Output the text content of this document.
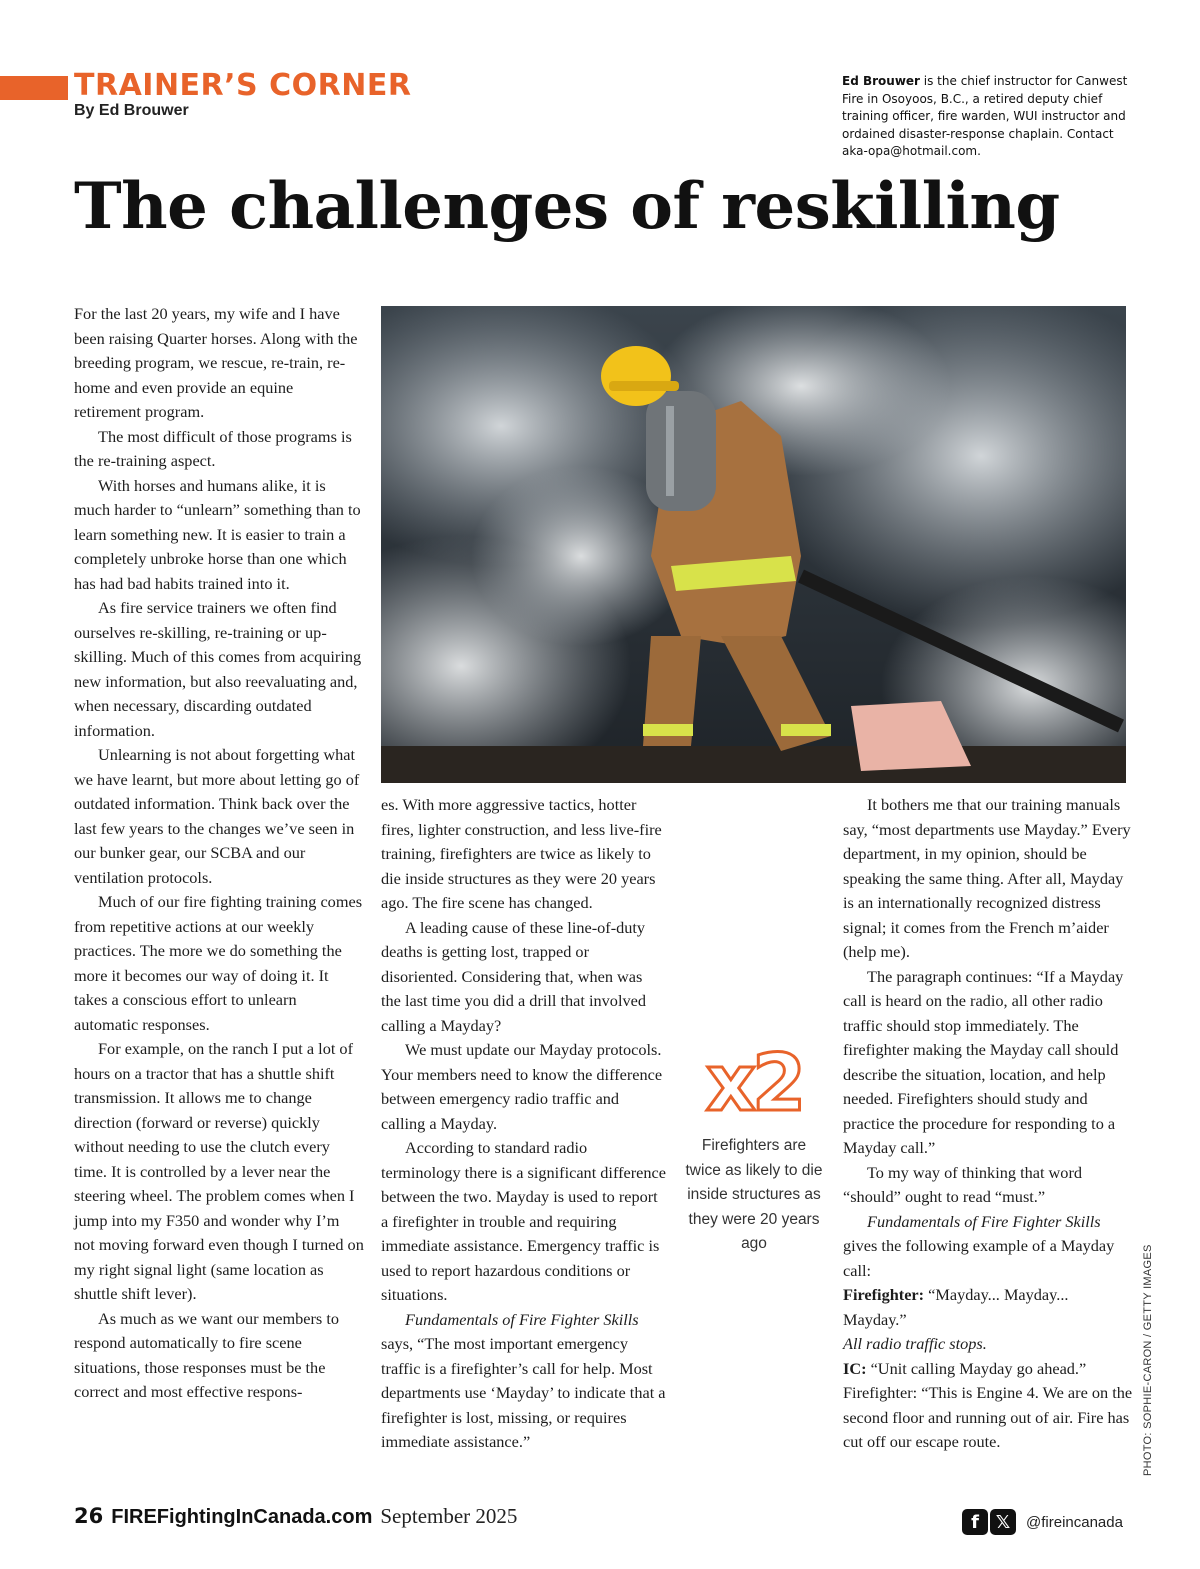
TRAINER’S CORNER
By Ed Brouwer
Ed Brouwer is the chief instructor for Canwest Fire in Osoyoos, B.C., a retired deputy chief training officer, fire warden, WUI instructor and ordained disaster-response chaplain. Contact aka-opa@hotmail.com.
The challenges of reskilling

For the last 20 years, my wife and I have been raising Quarter horses. Along with the breeding program, we rescue, re-train, re-home and even provide an equine retirement program.

The most difficult of those programs is the re-training aspect.

With horses and humans alike, it is much harder to “unlearn” something than to learn something new. It is easier to train a completely unbroke horse than one which has had bad habits trained into it.

As fire service trainers we often find ourselves re-skilling, re-training or up-skilling. Much of this comes from acquiring new information, but also reevaluating and, when necessary, discarding outdated information.

Unlearning is not about forgetting what we have learnt, but more about letting go of outdated information. Think back over the last few years to the changes we’ve seen in our bunker gear, our SCBA and our ventilation protocols.

Much of our fire fighting training comes from repetitive actions at our weekly practices. The more we do something the more it becomes our way of doing it. It takes a conscious effort to unlearn automatic responses.

For example, on the ranch I put a lot of hours on a tractor that has a shuttle shift transmission. It allows me to change direction (forward or reverse) quickly without needing to use the clutch every time. It is controlled by a lever near the steering wheel. The problem comes when I jump into my F350 and wonder why I’m not moving forward even though I turned on my right signal light (same location as shuttle shift lever).

As much as we want our members to respond automatically to fire scene situations, those responses must be the correct and most effective respons-

es. With more aggressive tactics, hotter fires, lighter construction, and less live-fire training, firefighters are twice as likely to die inside structures as they were 20 years ago. The fire scene has changed.

A leading cause of these line-of-duty deaths is getting lost, trapped or disoriented. Considering that, when was the last time you did a drill that involved calling a Mayday?

We must update our Mayday protocols. Your members need to know the difference between emergency radio traffic and calling a Mayday.

According to standard radio terminology there is a significant difference between the two. Mayday is used to report a firefighter in trouble and requiring immediate assistance. Emergency traffic is used to report hazardous conditions or situations.

Fundamentals of Fire Fighter Skills says, “The most important emergency traffic is a firefighter’s call for help. Most departments use ‘Mayday’ to indicate that a firefighter is lost, missing, or requires immediate assistance.”

x2
Firefighters are twice as likely to die inside structures as they were 20 years ago

It bothers me that our training manuals say, “most departments use Mayday.” Every department, in my opinion, should be speaking the same thing. After all, Mayday is an internationally recognized distress signal; it comes from the French m’aider (help me).

The paragraph continues: “If a Mayday call is heard on the radio, all other radio traffic should stop immediately. The firefighter making the Mayday call should describe the situation, location, and help needed. Firefighters should study and practice the procedure for responding to a Mayday call.”

To my way of thinking that word “should” ought to read “must.”

Fundamentals of Fire Fighter Skills gives the following example of a Mayday call:

Firefighter: “Mayday... Mayday... Mayday.”

All radio traffic stops.

IC: “Unit calling Mayday go ahead.”

Firefighter: “This is Engine 4. We are on the second floor and running out of air. Fire has cut off our escape route.	PHOTO: SOPHIE-CARON / GETTY IMAGES
26 FIREFightingInCanada.com September 2025	f 𝕏	@fireincanada
